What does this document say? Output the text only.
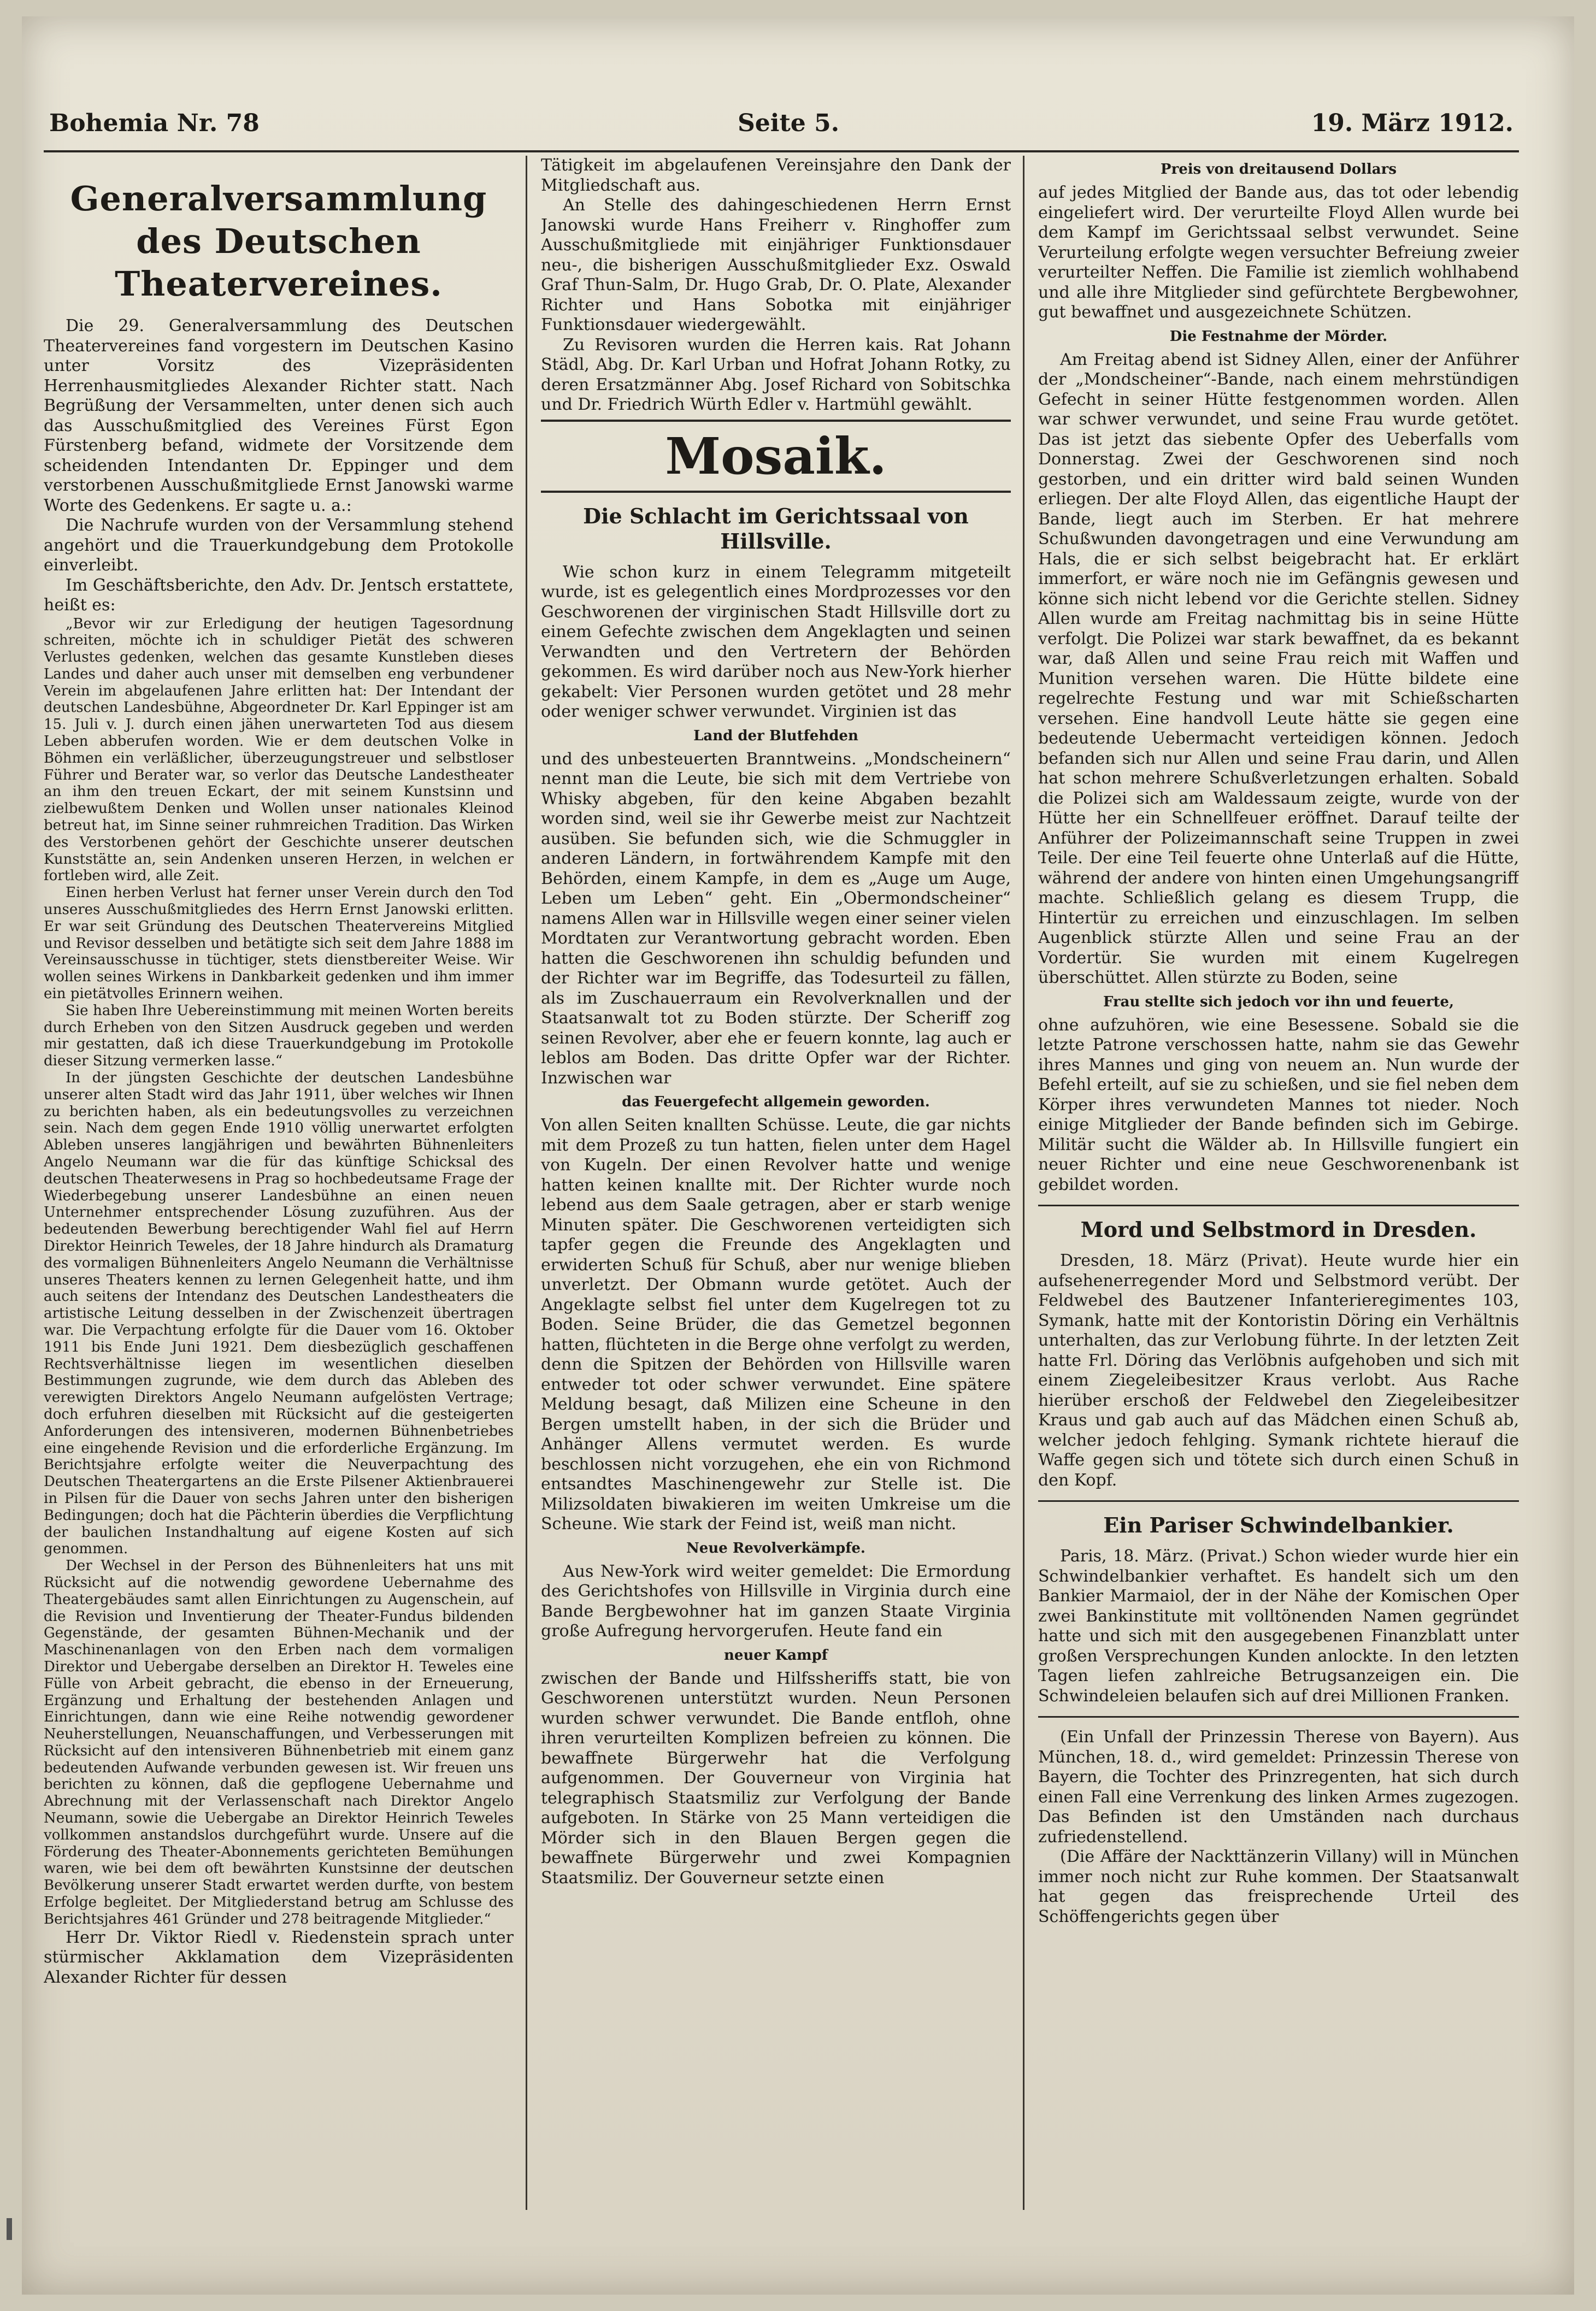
Bohemia Nr. 78	Seite 5.	19. März 1912.
Generalversammlung des Deutschen Theatervereines.

Die 29. Generalversammlung des Deutschen Theatervereines fand vorgestern im Deutschen Kasino unter Vorsitz des Vizepräsidenten Herrenhausmitgliedes Alexander Richter statt. Nach Begrüßung der Versammelten, unter denen sich auch das Ausschußmitglied des Vereines Fürst Egon Fürstenberg befand, widmete der Vorsitzende dem scheidenden Intendanten Dr. Eppinger und dem verstorbenen Ausschußmitgliede Ernst Janowski warme Worte des Gedenkens. Er sagte u. a.:

Die Nachrufe wurden von der Versammlung stehend angehört und die Trauerkundgebung dem Protokolle einverleibt.

Im Geschäftsberichte, den Adv. Dr. Jentsch erstattete, heißt es:

„Bevor wir zur Erledigung der heutigen Tagesordnung schreiten, möchte ich in schuldiger Pietät des schweren Verlustes gedenken, welchen das gesamte Kunstleben dieses Landes und daher auch unser mit demselben eng verbundener Verein im abgelaufenen Jahre erlitten hat: Der Intendant der deutschen Landesbühne, Abgeordneter Dr. Karl Eppinger ist am 15. Juli v. J. durch einen jähen unerwarteten Tod aus diesem Leben abberufen worden. Wie er dem deutschen Volke in Böhmen ein verläßlicher, überzeugungstreuer und selbstloser Führer und Berater war, so verlor das Deutsche Landestheater an ihm den treuen Eckart, der mit seinem Kunstsinn und zielbewußtem Denken und Wollen unser nationales Kleinod betreut hat, im Sinne seiner ruhmreichen Tradition. Das Wirken des Verstorbenen gehört der Geschichte unserer deutschen Kunststätte an, sein Andenken unseren Herzen, in welchen er fortleben wird, alle Zeit.

Einen herben Verlust hat ferner unser Verein durch den Tod unseres Ausschußmitgliedes des Herrn Ernst Janowski erlitten. Er war seit Gründung des Deutschen Theatervereins Mitglied und Revisor desselben und betätigte sich seit dem Jahre 1888 im Vereinsausschusse in tüchtiger, stets dienstbereiter Weise. Wir wollen seines Wirkens in Dankbarkeit gedenken und ihm immer ein pietätvolles Erinnern weihen.

Sie haben Ihre Uebereinstimmung mit meinen Worten bereits durch Erheben von den Sitzen Ausdruck gegeben und werden mir gestatten, daß ich diese Trauerkundgebung im Protokolle dieser Sitzung vermerken lasse.“

In der jüngsten Geschichte der deutschen Landesbühne unserer alten Stadt wird das Jahr 1911, über welches wir Ihnen zu berichten haben, als ein bedeutungsvolles zu verzeichnen sein. Nach dem gegen Ende 1910 völlig unerwartet erfolgten Ableben unseres langjährigen und bewährten Bühnenleiters Angelo Neumann war die für das künftige Schicksal des deutschen Theaterwesens in Prag so hochbedeutsame Frage der Wiederbegebung unserer Landesbühne an einen neuen Unternehmer entsprechender Lösung zuzuführen. Aus der bedeutenden Bewerbung berechtigender Wahl fiel auf Herrn Direktor Heinrich Teweles, der 18 Jahre hindurch als Dramaturg des vormaligen Bühnenleiters Angelo Neumann die Verhältnisse unseres Theaters kennen zu lernen Gelegenheit hatte, und ihm auch seitens der Intendanz des Deutschen Landestheaters die artistische Leitung desselben in der Zwischenzeit übertragen war. Die Verpachtung erfolgte für die Dauer vom 16. Oktober 1911 bis Ende Juni 1921. Dem diesbezüglich geschaffenen Rechtsverhältnisse liegen im wesentlichen dieselben Bestimmungen zugrunde, wie dem durch das Ableben des verewigten Direktors Angelo Neumann aufgelösten Vertrage; doch erfuhren dieselben mit Rücksicht auf die gesteigerten Anforderungen des intensiveren, modernen Bühnenbetriebes eine eingehende Revision und die erforderliche Ergänzung. Im Berichtsjahre erfolgte weiter die Neuverpachtung des Deutschen Theatergartens an die Erste Pilsener Aktienbrauerei in Pilsen für die Dauer von sechs Jahren unter den bisherigen Bedingungen; doch hat die Pächterin überdies die Verpflichtung der baulichen Instandhaltung auf eigene Kosten auf sich genommen.

Der Wechsel in der Person des Bühnenleiters hat uns mit Rücksicht auf die notwendig gewordene Uebernahme des Theatergebäudes samt allen Einrichtungen zu Augenschein, auf die Revision und Inventierung der Theater-Fundus bildenden Gegenstände, der gesamten Bühnen-Mechanik und der Maschinenanlagen von den Erben nach dem vormaligen Direktor und Uebergabe derselben an Direktor H. Teweles eine Fülle von Arbeit gebracht, die ebenso in der Erneuerung, Ergänzung und Erhaltung der bestehenden Anlagen und Einrichtungen, dann wie eine Reihe notwendig gewordener Neuherstellungen, Neuanschaffungen, und Verbesserungen mit Rücksicht auf den intensiveren Bühnenbetrieb mit einem ganz bedeutenden Aufwande verbunden gewesen ist. Wir freuen uns berichten zu können, daß die gepflogene Uebernahme und Abrechnung mit der Verlassenschaft nach Direktor Angelo Neumann, sowie die Uebergabe an Direktor Heinrich Teweles vollkommen anstandslos durchgeführt wurde. Unsere auf die Förderung des Theater-Abonnements gerichteten Bemühungen waren, wie bei dem oft bewährten Kunstsinne der deutschen Bevölkerung unserer Stadt erwartet werden durfte, von bestem Erfolge begleitet. Der Mitgliederstand betrug am Schlusse des Berichtsjahres 461 Gründer und 278 beitragende Mitglieder.“

Herr Dr. Viktor Riedl v. Riedenstein sprach unter stürmischer Akklamation dem Vizepräsidenten Alexander Richter für dessen

Tätigkeit im abgelaufenen Vereinsjahre den Dank der Mitgliedschaft aus.

An Stelle des dahingeschiedenen Herrn Ernst Janowski wurde Hans Freiherr v. Ringhoffer zum Ausschußmitgliede mit einjähriger Funktionsdauer neu-, die bisherigen Ausschußmitglieder Exz. Oswald Graf Thun-Salm, Dr. Hugo Grab, Dr. O. Plate, Alexander Richter und Hans Sobotka mit einjähriger Funktionsdauer wiedergewählt.

Zu Revisoren wurden die Herren kais. Rat Johann Städl, Abg. Dr. Karl Urban und Hofrat Johann Rotky, zu deren Ersatzmänner Abg. Josef Richard von Sobitschka und Dr. Friedrich Würth Edler v. Hartmühl gewählt.

Mosaik.
Die Schlacht im Gerichtssaal von Hillsville.

Wie schon kurz in einem Telegramm mitgeteilt wurde, ist es gelegentlich eines Mordprozesses vor den Geschworenen der virginischen Stadt Hillsville dort zu einem Gefechte zwischen dem Angeklagten und seinen Verwandten und den Vertretern der Behörden gekommen. Es wird darüber noch aus New-York hierher gekabelt: Vier Personen wurden getötet und 28 mehr oder weniger schwer verwundet. Virginien ist das

Land der Blutfehden

und des unbesteuerten Branntweins. „Mondscheinern“ nennt man die Leute, bie sich mit dem Vertriebe von Whisky abgeben, für den keine Abgaben bezahlt worden sind, weil sie ihr Gewerbe meist zur Nachtzeit ausüben. Sie befunden sich, wie die Schmuggler in anderen Ländern, in fortwährendem Kampfe mit den Behörden, einem Kampfe, in dem es „Auge um Auge, Leben um Leben“ geht. Ein „Obermondscheiner“ namens Allen war in Hillsville wegen einer seiner vielen Mordtaten zur Verantwortung gebracht worden. Eben hatten die Geschworenen ihn schuldig befunden und der Richter war im Begriffe, das Todesurteil zu fällen, als im Zuschauerraum ein Revolverknallen und der Staatsanwalt tot zu Boden stürzte. Der Scheriff zog seinen Revolver, aber ehe er feuern konnte, lag auch er leblos am Boden. Das dritte Opfer war der Richter. Inzwischen war

das Feuergefecht allgemein geworden.

Von allen Seiten knallten Schüsse. Leute, die gar nichts mit dem Prozeß zu tun hatten, fielen unter dem Hagel von Kugeln. Der einen Revolver hatte und wenige hatten keinen knallte mit. Der Richter wurde noch lebend aus dem Saale getragen, aber er starb wenige Minuten später. Die Geschworenen verteidigten sich tapfer gegen die Freunde des Angeklagten und erwiderten Schuß für Schuß, aber nur wenige blieben unverletzt. Der Obmann wurde getötet. Auch der Angeklagte selbst fiel unter dem Kugelregen tot zu Boden. Seine Brüder, die das Gemetzel begonnen hatten, flüchteten in die Berge ohne verfolgt zu werden, denn die Spitzen der Behörden von Hillsville waren entweder tot oder schwer verwundet. Eine spätere Meldung besagt, daß Milizen eine Scheune in den Bergen umstellt haben, in der sich die Brüder und Anhänger Allens vermutet werden. Es wurde beschlossen nicht vorzugehen, ehe ein von Richmond entsandtes Maschinengewehr zur Stelle ist. Die Milizsoldaten biwakieren im weiten Umkreise um die Scheune. Wie stark der Feind ist, weiß man nicht.

Neue Revolverkämpfe.

Aus New-York wird weiter gemeldet: Die Ermordung des Gerichtshofes von Hillsville in Virginia durch eine Bande Bergbewohner hat im ganzen Staate Virginia große Aufregung hervorgerufen. Heute fand ein

neuer Kampf

zwischen der Bande und Hilfssheriffs statt, bie von Geschworenen unterstützt wurden. Neun Personen wurden schwer verwundet. Die Bande entfloh, ohne ihren verurteilten Komplizen befreien zu können. Die bewaffnete Bürgerwehr hat die Verfolgung aufgenommen. Der Gouverneur von Virginia hat telegraphisch Staatsmiliz zur Verfolgung der Bande aufgeboten. In Stärke von 25 Mann verteidigen die Mörder sich in den Blauen Bergen gegen die bewaffnete Bürgerwehr und zwei Kompagnien Staatsmiliz. Der Gouverneur setzte einen

Preis von dreitausend Dollars

auf jedes Mitglied der Bande aus, das tot oder lebendig eingeliefert wird. Der verurteilte Floyd Allen wurde bei dem Kampf im Gerichtssaal selbst verwundet. Seine Verurteilung erfolgte wegen versuchter Befreiung zweier verurteilter Neffen. Die Familie ist ziemlich wohlhabend und alle ihre Mitglieder sind gefürchtete Bergbewohner, gut bewaffnet und ausgezeichnete Schützen.

Die Festnahme der Mörder.

Am Freitag abend ist Sidney Allen, einer der Anführer der „Mondscheiner“-Bande, nach einem mehrstündigen Gefecht in seiner Hütte festgenommen worden. Allen war schwer verwundet, und seine Frau wurde getötet. Das ist jetzt das siebente Opfer des Ueberfalls vom Donnerstag. Zwei der Geschworenen sind noch gestorben, und ein dritter wird bald seinen Wunden erliegen. Der alte Floyd Allen, das eigentliche Haupt der Bande, liegt auch im Sterben. Er hat mehrere Schußwunden davongetragen und eine Verwundung am Hals, die er sich selbst beigebracht hat. Er erklärt immerfort, er wäre noch nie im Gefängnis gewesen und könne sich nicht lebend vor die Gerichte stellen. Sidney Allen wurde am Freitag nachmittag bis in seine Hütte verfolgt. Die Polizei war stark bewaffnet, da es bekannt war, daß Allen und seine Frau reich mit Waffen und Munition versehen waren. Die Hütte bildete eine regelrechte Festung und war mit Schießscharten versehen. Eine handvoll Leute hätte sie gegen eine bedeutende Uebermacht verteidigen können. Jedoch befanden sich nur Allen und seine Frau darin, und Allen hat schon mehrere Schußverletzungen erhalten. Sobald die Polizei sich am Waldessaum zeigte, wurde von der Hütte her ein Schnellfeuer eröffnet. Darauf teilte der Anführer der Polizeimannschaft seine Truppen in zwei Teile. Der eine Teil feuerte ohne Unterlaß auf die Hütte, während der andere von hinten einen Umgehungsangriff machte. Schließlich gelang es diesem Trupp, die Hintertür zu erreichen und einzuschlagen. Im selben Augenblick stürzte Allen und seine Frau an der Vordertür. Sie wurden mit einem Kugelregen überschüttet. Allen stürzte zu Boden, seine

Frau stellte sich jedoch vor ihn und feuerte,

ohne aufzuhören, wie eine Besessene. Sobald sie die letzte Patrone verschossen hatte, nahm sie das Gewehr ihres Mannes und ging von neuem an. Nun wurde der Befehl erteilt, auf sie zu schießen, und sie fiel neben dem Körper ihres verwundeten Mannes tot nieder. Noch einige Mitglieder der Bande befinden sich im Gebirge. Militär sucht die Wälder ab. In Hillsville fungiert ein neuer Richter und eine neue Geschworenenbank ist gebildet worden.

Mord und Selbstmord in Dresden.

Dresden, 18. März (Privat). Heute wurde hier ein aufsehenerregender Mord und Selbstmord verübt. Der Feldwebel des Bautzener Infanterieregimentes 103, Symank, hatte mit der Kontoristin Döring ein Verhältnis unterhalten, das zur Verlobung führte. In der letzten Zeit hatte Frl. Döring das Verlöbnis aufgehoben und sich mit einem Ziegeleibesitzer Kraus verlobt. Aus Rache hierüber erschoß der Feldwebel den Ziegeleibesitzer Kraus und gab auch auf das Mädchen einen Schuß ab, welcher jedoch fehlging. Symank richtete hierauf die Waffe gegen sich und tötete sich durch einen Schuß in den Kopf.

Ein Pariser Schwindelbankier.

Paris, 18. März. (Privat.) Schon wieder wurde hier ein Schwindelbankier verhaftet. Es handelt sich um den Bankier Marmaiol, der in der Nähe der Komischen Oper zwei Bankinstitute mit volltönenden Namen gegründet hatte und sich mit den ausgegebenen Finanzblatt unter großen Versprechungen Kunden anlockte. In den letzten Tagen liefen zahlreiche Betrugsanzeigen ein. Die Schwindeleien belaufen sich auf drei Millionen Franken.

(Ein Unfall der Prinzessin Therese von Bayern). Aus München, 18. d., wird gemeldet: Prinzessin Therese von Bayern, die Tochter des Prinzregenten, hat sich durch einen Fall eine Verrenkung des linken Armes zugezogen. Das Befinden ist den Umständen nach durchaus zufriedenstellend.

(Die Affäre der Nackttänzerin Villany) will in München immer noch nicht zur Ruhe kommen. Der Staatsanwalt hat gegen das freisprechende Urteil des Schöffengerichts gegen über
